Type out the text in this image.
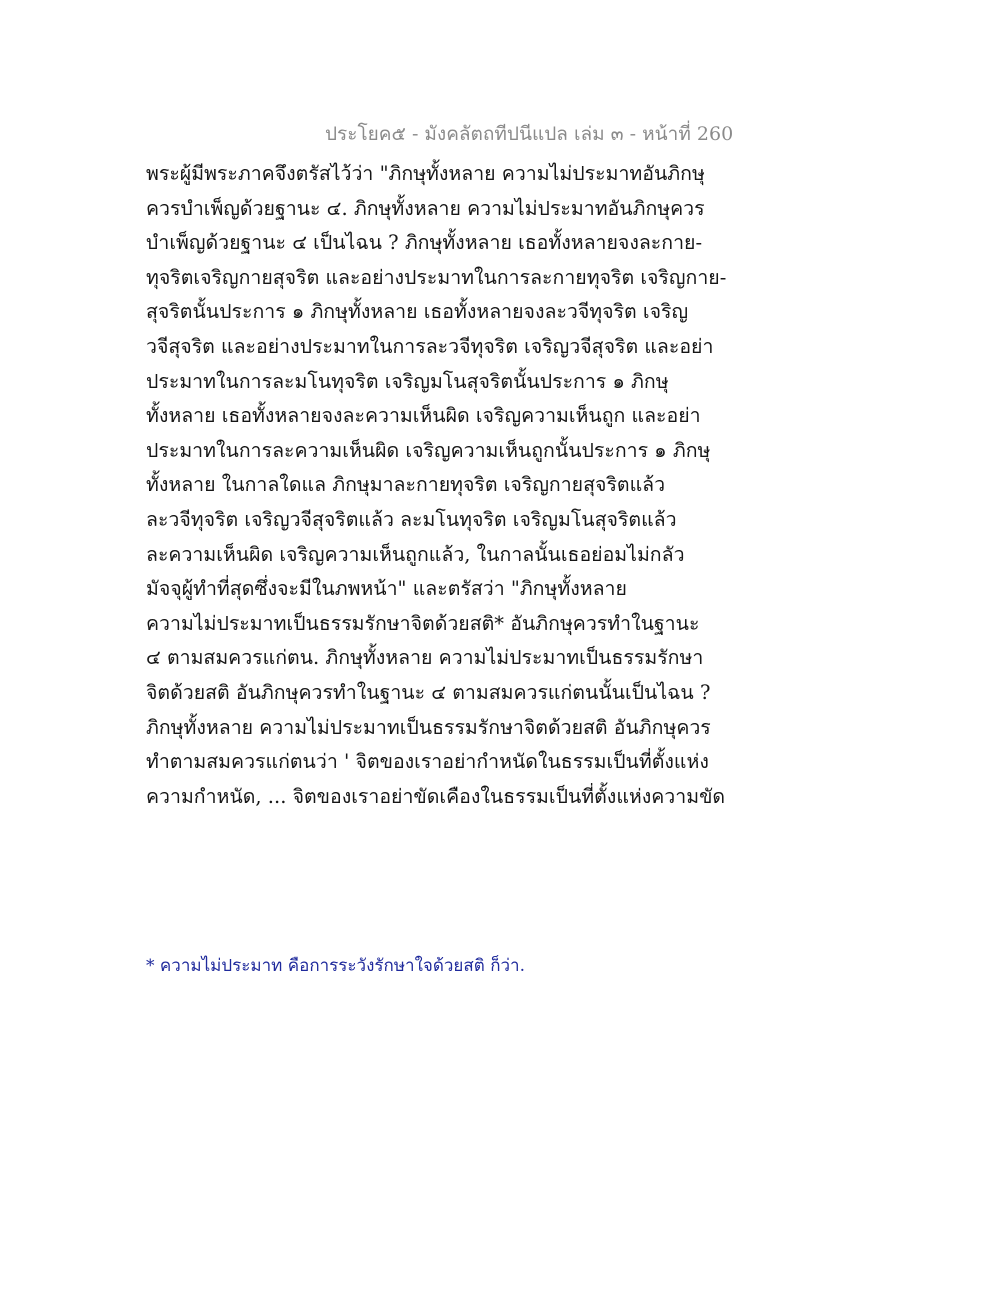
ประโยค๕ - มังคลัตถทีปนีแปล เล่ม ๓ - หน้าที่ 260
พระผู้มีพระภาคจึงตรัสไว้ว่า "ภิกษุทั้งหลาย ความไม่ประมาทอันภิกษุ
ควรบำเพ็ญด้วยฐานะ ๔. ภิกษุทั้งหลาย ความไม่ประมาทอันภิกษุควร
บำเพ็ญด้วยฐานะ ๔ เป็นไฉน ? ภิกษุทั้งหลาย เธอทั้งหลายจงละกาย-
ทุจริตเจริญกายสุจริต และอย่างประมาทในการละกายทุจริต เจริญกาย-
สุจริตนั้นประการ ๑ ภิกษุทั้งหลาย เธอทั้งหลายจงละวจีทุจริต เจริญ
วจีสุจริต และอย่างประมาทในการละวจีทุจริต เจริญวจีสุจริต และอย่า
ประมาทในการละมโนทุจริต เจริญมโนสุจริตนั้นประการ ๑ ภิกษุ
ทั้งหลาย เธอทั้งหลายจงละความเห็นผิด เจริญความเห็นถูก และอย่า
ประมาทในการละความเห็นผิด เจริญความเห็นถูกนั้นประการ ๑ ภิกษุ
ทั้งหลาย ในกาลใดแล ภิกษุมาละกายทุจริต เจริญกายสุจริตแล้ว
ละวจีทุจริต เจริญวจีสุจริตแล้ว ละมโนทุจริต เจริญมโนสุจริตแล้ว
ละความเห็นผิด เจริญความเห็นถูกแล้ว, ในกาลนั้นเธอย่อมไม่กลัว
มัจจุผู้ทำที่สุดซึ่งจะมีในภพหน้า" และตรัสว่า "ภิกษุทั้งหลาย
ความไม่ประมาทเป็นธรรมรักษาจิตด้วยสติ* อันภิกษุควรทำในฐานะ
๔ ตามสมควรแก่ตน. ภิกษุทั้งหลาย ความไม่ประมาทเป็นธรรมรักษา
จิตด้วยสติ อันภิกษุควรทำในฐานะ ๔ ตามสมควรแก่ตนนั้นเป็นไฉน ?
ภิกษุทั้งหลาย ความไม่ประมาทเป็นธรรมรักษาจิตด้วยสติ อันภิกษุควร
ทำตามสมควรแก่ตนว่า ' จิตของเราอย่ากำหนัดในธรรมเป็นที่ตั้งแห่ง
ความกำหนัด, ... จิตของเราอย่าขัดเคืองในธรรมเป็นที่ตั้งแห่งความขัด
* ความไม่ประมาท คือการระวังรักษาใจด้วยสติ ก็ว่า.
